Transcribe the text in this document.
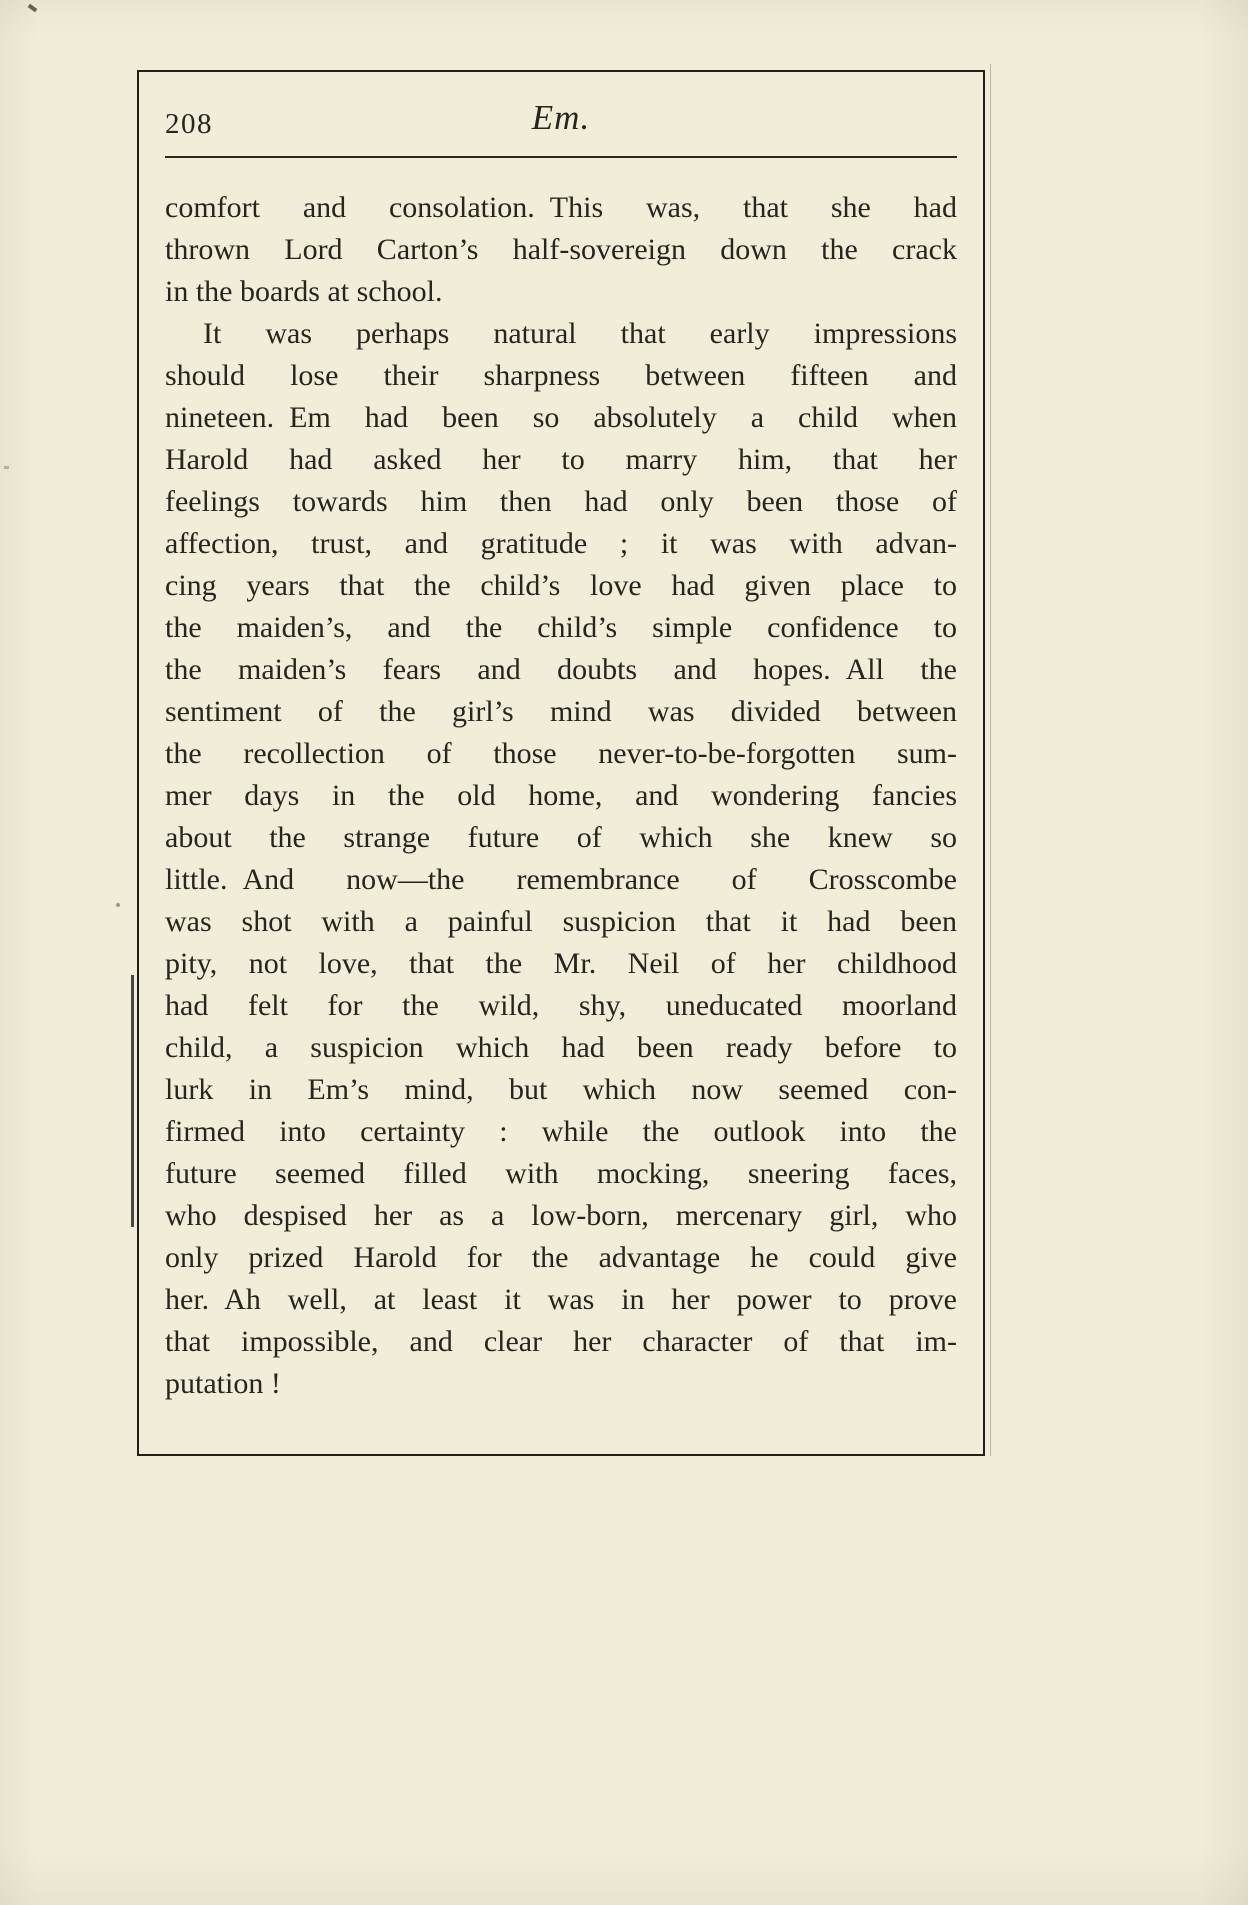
208	Em.
comfort and consolation. This was, that she had
thrown Lord Carton’s half-sovereign down the crack
in the boards at school.
It was perhaps natural that early impressions
should lose their sharpness between fifteen and
nineteen. Em had been so absolutely a child when
Harold had asked her to marry him, that her
feelings towards him then had only been those of
affection, trust, and gratitude ; it was with advan-
cing years that the child’s love had given place to
the maiden’s, and the child’s simple confidence to
the maiden’s fears and doubts and hopes. All the
sentiment of the girl’s mind was divided between
the recollection of those never-to-be-forgotten sum-
mer days in the old home, and wondering fancies
about the strange future of which she knew so
little. And now—the remembrance of Crosscombe
was shot with a painful suspicion that it had been
pity, not love, that the Mr. Neil of her childhood
had felt for the wild, shy, uneducated moorland
child, a suspicion which had been ready before to
lurk in Em’s mind, but which now seemed con-
firmed into certainty : while the outlook into the
future seemed filled with mocking, sneering faces,
who despised her as a low-born, mercenary girl, who
only prized Harold for the advantage he could give
her. Ah well, at least it was in her power to prove
that impossible, and clear her character of that im-
putation !
